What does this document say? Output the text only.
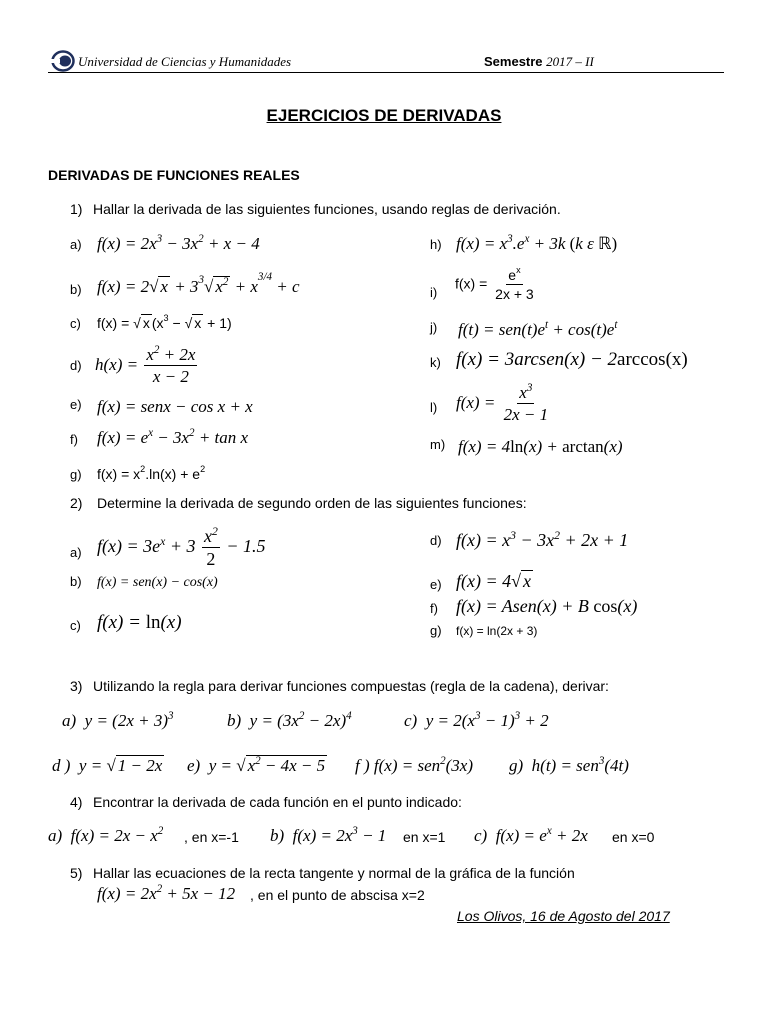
Universidad de Ciencias y Humanidades	Semestre 2017 – II
EJERCICIOS DE DERIVADAS
DERIVADAS DE FUNCIONES REALES
1) Hallar la derivada de las siguientes funciones, usando reglas de derivación.
a) $f(x) = 2x^3 - 3x^2 + x - 4$
b) f(x) = 2√ $x + 3^3√$ $x^2 + x^{3/4} + c$
c) f(x) = √ x ($x^3$ − √ x + 1)
d) $h(x) = \frac{x^2 + 2x}{x - 2}$
e) f(x) = senx − cos x + x
f) $f(x) = e^x - 3x^2 + \tan x$
g) $f(x) = x^2.\ln(x) + e^2$
h) $f(x) = x^3.e^x + 3k$ (k ε ℝ)
i)
$f(x) = \frac{e^x}{2x + 3}$
j) $f(t) = sen(t)e^t + \cos(t)e^t$
k) f(x) = 3arcsen(x) − 2arccos(x)
l) $f(x) = \frac{x^3}{2x - 1}$
m) f(x) = 4ln(x) + arctan(x)
2) Determine la derivada de segundo orden de las siguientes funciones:
a) $f(x) = 3e^x + 3 \frac{x^2}{2} - 1.5$
b) f(x) = sen(x) − cos(x)
c) f(x) = ln(x)
d) $f(x) = x^3 - 3x^2 + 2x + 1$
e) f(x) = 4√ x
f) f(x) = Asen(x) + B cos(x)
g) f(x) = ln(2x + 3)
3) Utilizando la regla para derivar funciones compuestas (regla de la cadena), derivar:
a)  $y = (2x + 3)^3$	b)  $y = (3x^2 - 2x)^4$	c)  $y = 2(x^3 - 1)^3 + 2$
d )  y = √ 1 − 2x e)  y = √ $x^2 - 4x - 5$ f ) f(x) = sen$^2$(3x) g)  h(t) = sen$^3$(4t)
4) Encontrar la derivada de cada función en el punto indicado:
a)  $f(x) = 2x - x^2$ , en x=-1 b)  $f(x) = 2x^3 - 1$ en x=1 c)  $f(x) = e^x + 2x$ en x=0
5) Hallar las ecuaciones de la recta tangente y normal de la gráfica de la función
$f(x) = 2x^2 + 5x - 12$ , en el punto de abscisa x=2
Los Olivos, 16 de Agosto del 2017
